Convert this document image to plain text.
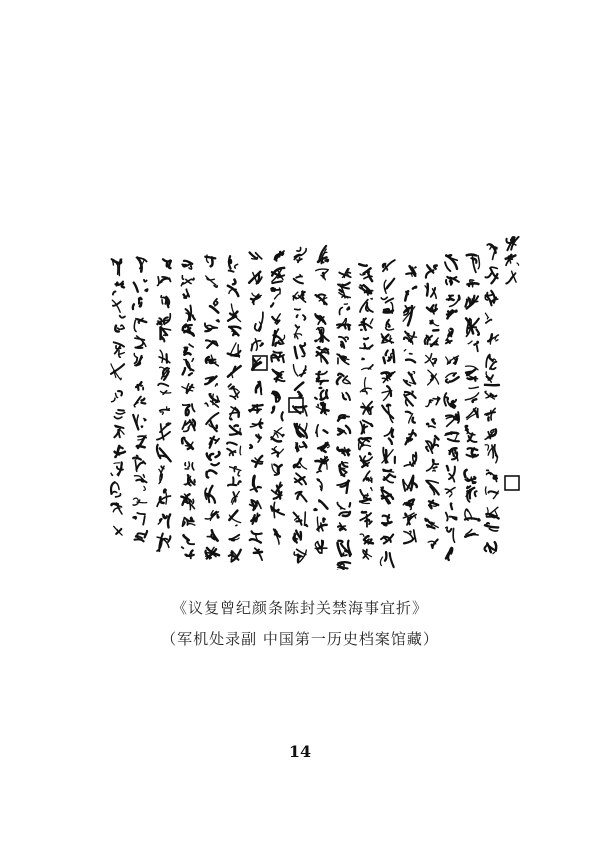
《议复曾纪颜条陈封关禁海事宜折》
（军机处录副 中国第一历史档案馆藏）
14
